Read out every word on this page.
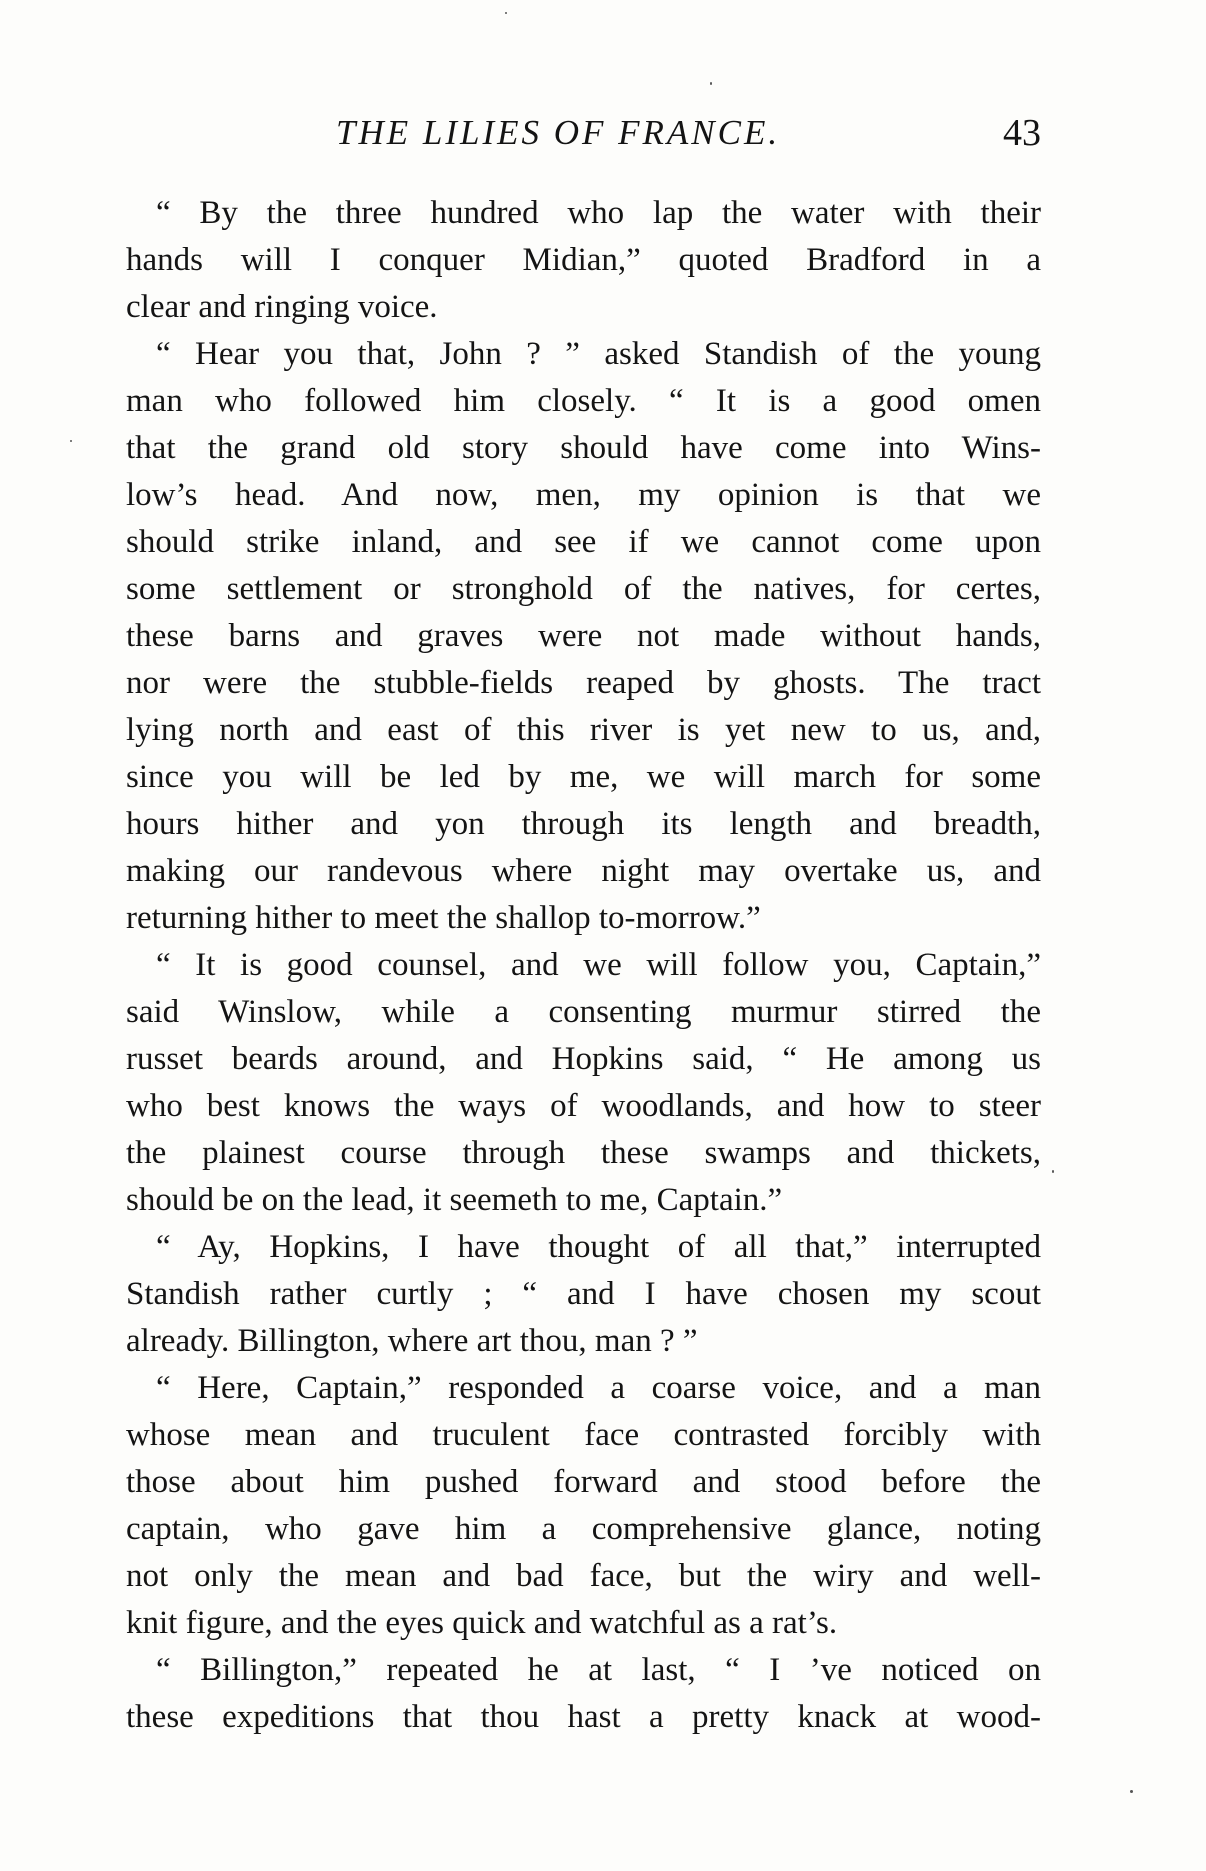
THE LILIES OF FRANCE.	43
“ By the three hundred who lap the water with their
hands will I conquer Midian,” quoted Bradford in a
clear and ringing voice.
“ Hear you that, John ? ” asked Standish of the young
man who followed him closely. “ It is a good omen
that the grand old story should have come into Wins-
low’s head. And now, men, my opinion is that we
should strike inland, and see if we cannot come upon
some settlement or stronghold of the natives, for certes,
these barns and graves were not made without hands,
nor were the stubble-fields reaped by ghosts. The tract
lying north and east of this river is yet new to us, and,
since you will be led by me, we will march for some
hours hither and yon through its length and breadth,
making our randevous where night may overtake us, and
returning hither to meet the shallop to-morrow.”
“ It is good counsel, and we will follow you, Captain,”
said Winslow, while a consenting murmur stirred the
russet beards around, and Hopkins said, “ He among us
who best knows the ways of woodlands, and how to steer
the plainest course through these swamps and thickets,
should be on the lead, it seemeth to me, Captain.”
“ Ay, Hopkins, I have thought of all that,” interrupted
Standish rather curtly ; “ and I have chosen my scout
already. Billington, where art thou, man ? ”
“ Here, Captain,” responded a coarse voice, and a man
whose mean and truculent face contrasted forcibly with
those about him pushed forward and stood before the
captain, who gave him a comprehensive glance, noting
not only the mean and bad face, but the wiry and well-
knit figure, and the eyes quick and watchful as a rat’s.
“ Billington,” repeated he at last, “ I ’ve noticed on
these expeditions that thou hast a pretty knack at wood-
